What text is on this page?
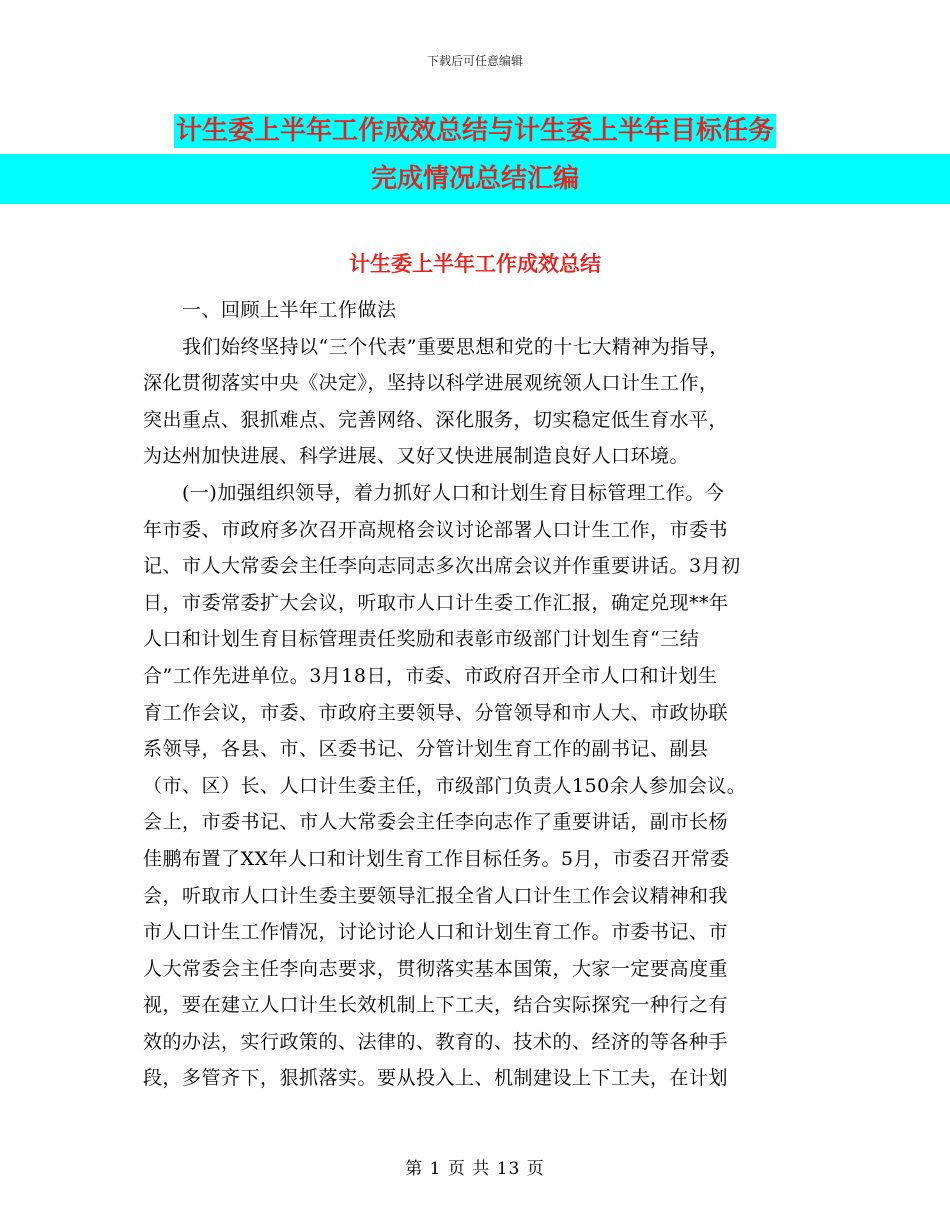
下载后可任意编辑
计生委上半年工作成效总结与计生委上半年目标任务
完成情况总结汇编
计生委上半年工作成效总结

　　一、回顾上半年工作做法

　　我们始终坚持以“三个代表”重要思想和党的十七大精神为指导，

深化贯彻落实中央《决定》，坚持以科学进展观统领人口计生工作，

突出重点、狠抓难点、完善网络、深化服务，切实稳定低生育水平，

为达州加快进展、科学进展、又好又快进展制造良好人口环境。

　　(一)加强组织领导，着力抓好人口和计划生育目标管理工作。今

年市委、市政府多次召开高规格会议讨论部署人口计生工作，市委书

记、市人大常委会主任李向志同志多次出席会议并作重要讲话。3月初

日，市委常委扩大会议，听取市人口计生委工作汇报，确定兑现**年

人口和计划生育目标管理责任奖励和表彰市级部门计划生育“三结

合”工作先进单位。3月18日，市委、市政府召开全市人口和计划生

育工作会议，市委、市政府主要领导、分管领导和市人大、市政协联

系领导，各县、市、区委书记、分管计划生育工作的副书记、副县

（市、区）长、人口计生委主任，市级部门负责人150余人参加会议。

会上，市委书记、市人大常委会主任李向志作了重要讲话，副市长杨

佳鹏布置了XX年人口和计划生育工作目标任务。5月，市委召开常委

会，听取市人口计生委主要领导汇报全省人口计生工作会议精神和我

市人口计生工作情况，讨论讨论人口和计划生育工作。市委书记、市

人大常委会主任李向志要求，贯彻落实基本国策，大家一定要高度重

视，要在建立人口计生长效机制上下工夫，结合实际探究一种行之有

效的办法，实行政策的、法律的、教育的、技术的、经济的等各种手

段，多管齐下，狠抓落实。要从投入上、机制建设上下工夫，在计划

第 1 页 共 13 页
